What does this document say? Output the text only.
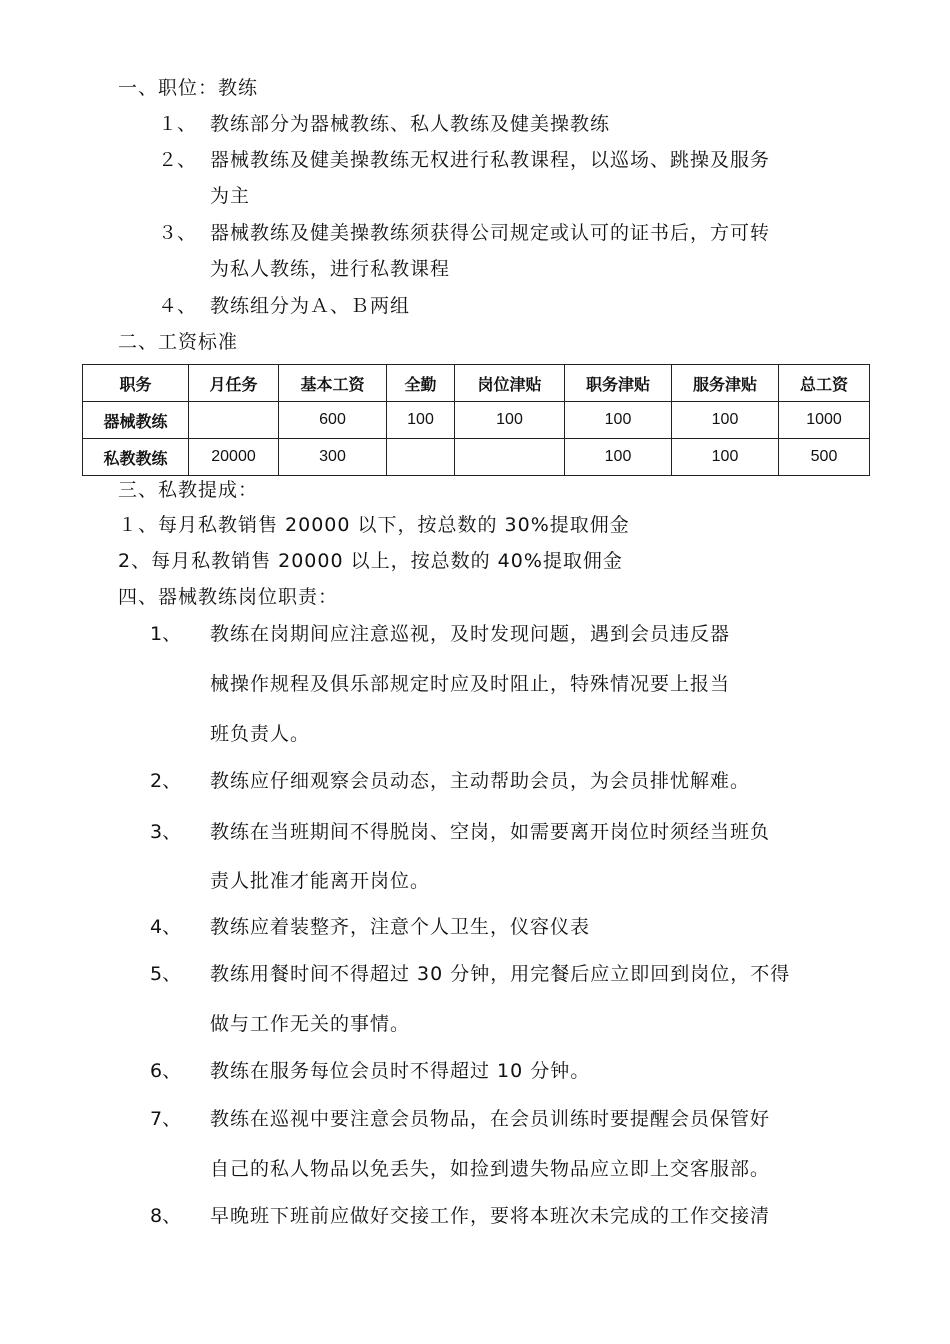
一、职位：教练
１、 教练部分为器械教练、私人教练及健美操教练
２、 器械教练及健美操教练无权进行私教课程，以巡场、跳操及服务
为主
３、 器械教练及健美操教练须获得公司规定或认可的证书后，方可转
为私人教练，进行私教课程
４、 教练组分为Ａ、Ｂ两组
二、工资标准
职务	月任务	基本工资	全勤	岗位津贴	职务津贴	服务津贴	总工资
器械教练		600	100	100	100	100	1000
私教教练	20000	300			100	100	500
三、私教提成：
１、每月私教销售 20000 以下，按总数的 30%提取佣金
2、每月私教销售 20000 以上，按总数的 40%提取佣金
四、器械教练岗位职责：
1、 教练在岗期间应注意巡视，及时发现问题，遇到会员违反器
械操作规程及俱乐部规定时应及时阻止，特殊情况要上报当
班负责人。
2、 教练应仔细观察会员动态，主动帮助会员，为会员排忧解难。
3、 教练在当班期间不得脱岗、空岗，如需要离开岗位时须经当班负
责人批准才能离开岗位。
4、 教练应着装整齐，注意个人卫生，仪容仪表
5、 教练用餐时间不得超过 30 分钟，用完餐后应立即回到岗位，不得
做与工作无关的事情。
6、 教练在服务每位会员时不得超过 10 分钟。
7、 教练在巡视中要注意会员物品，在会员训练时要提醒会员保管好
自己的私人物品以免丢失，如捡到遗失物品应立即上交客服部。
8、 早晚班下班前应做好交接工作，要将本班次未完成的工作交接清
